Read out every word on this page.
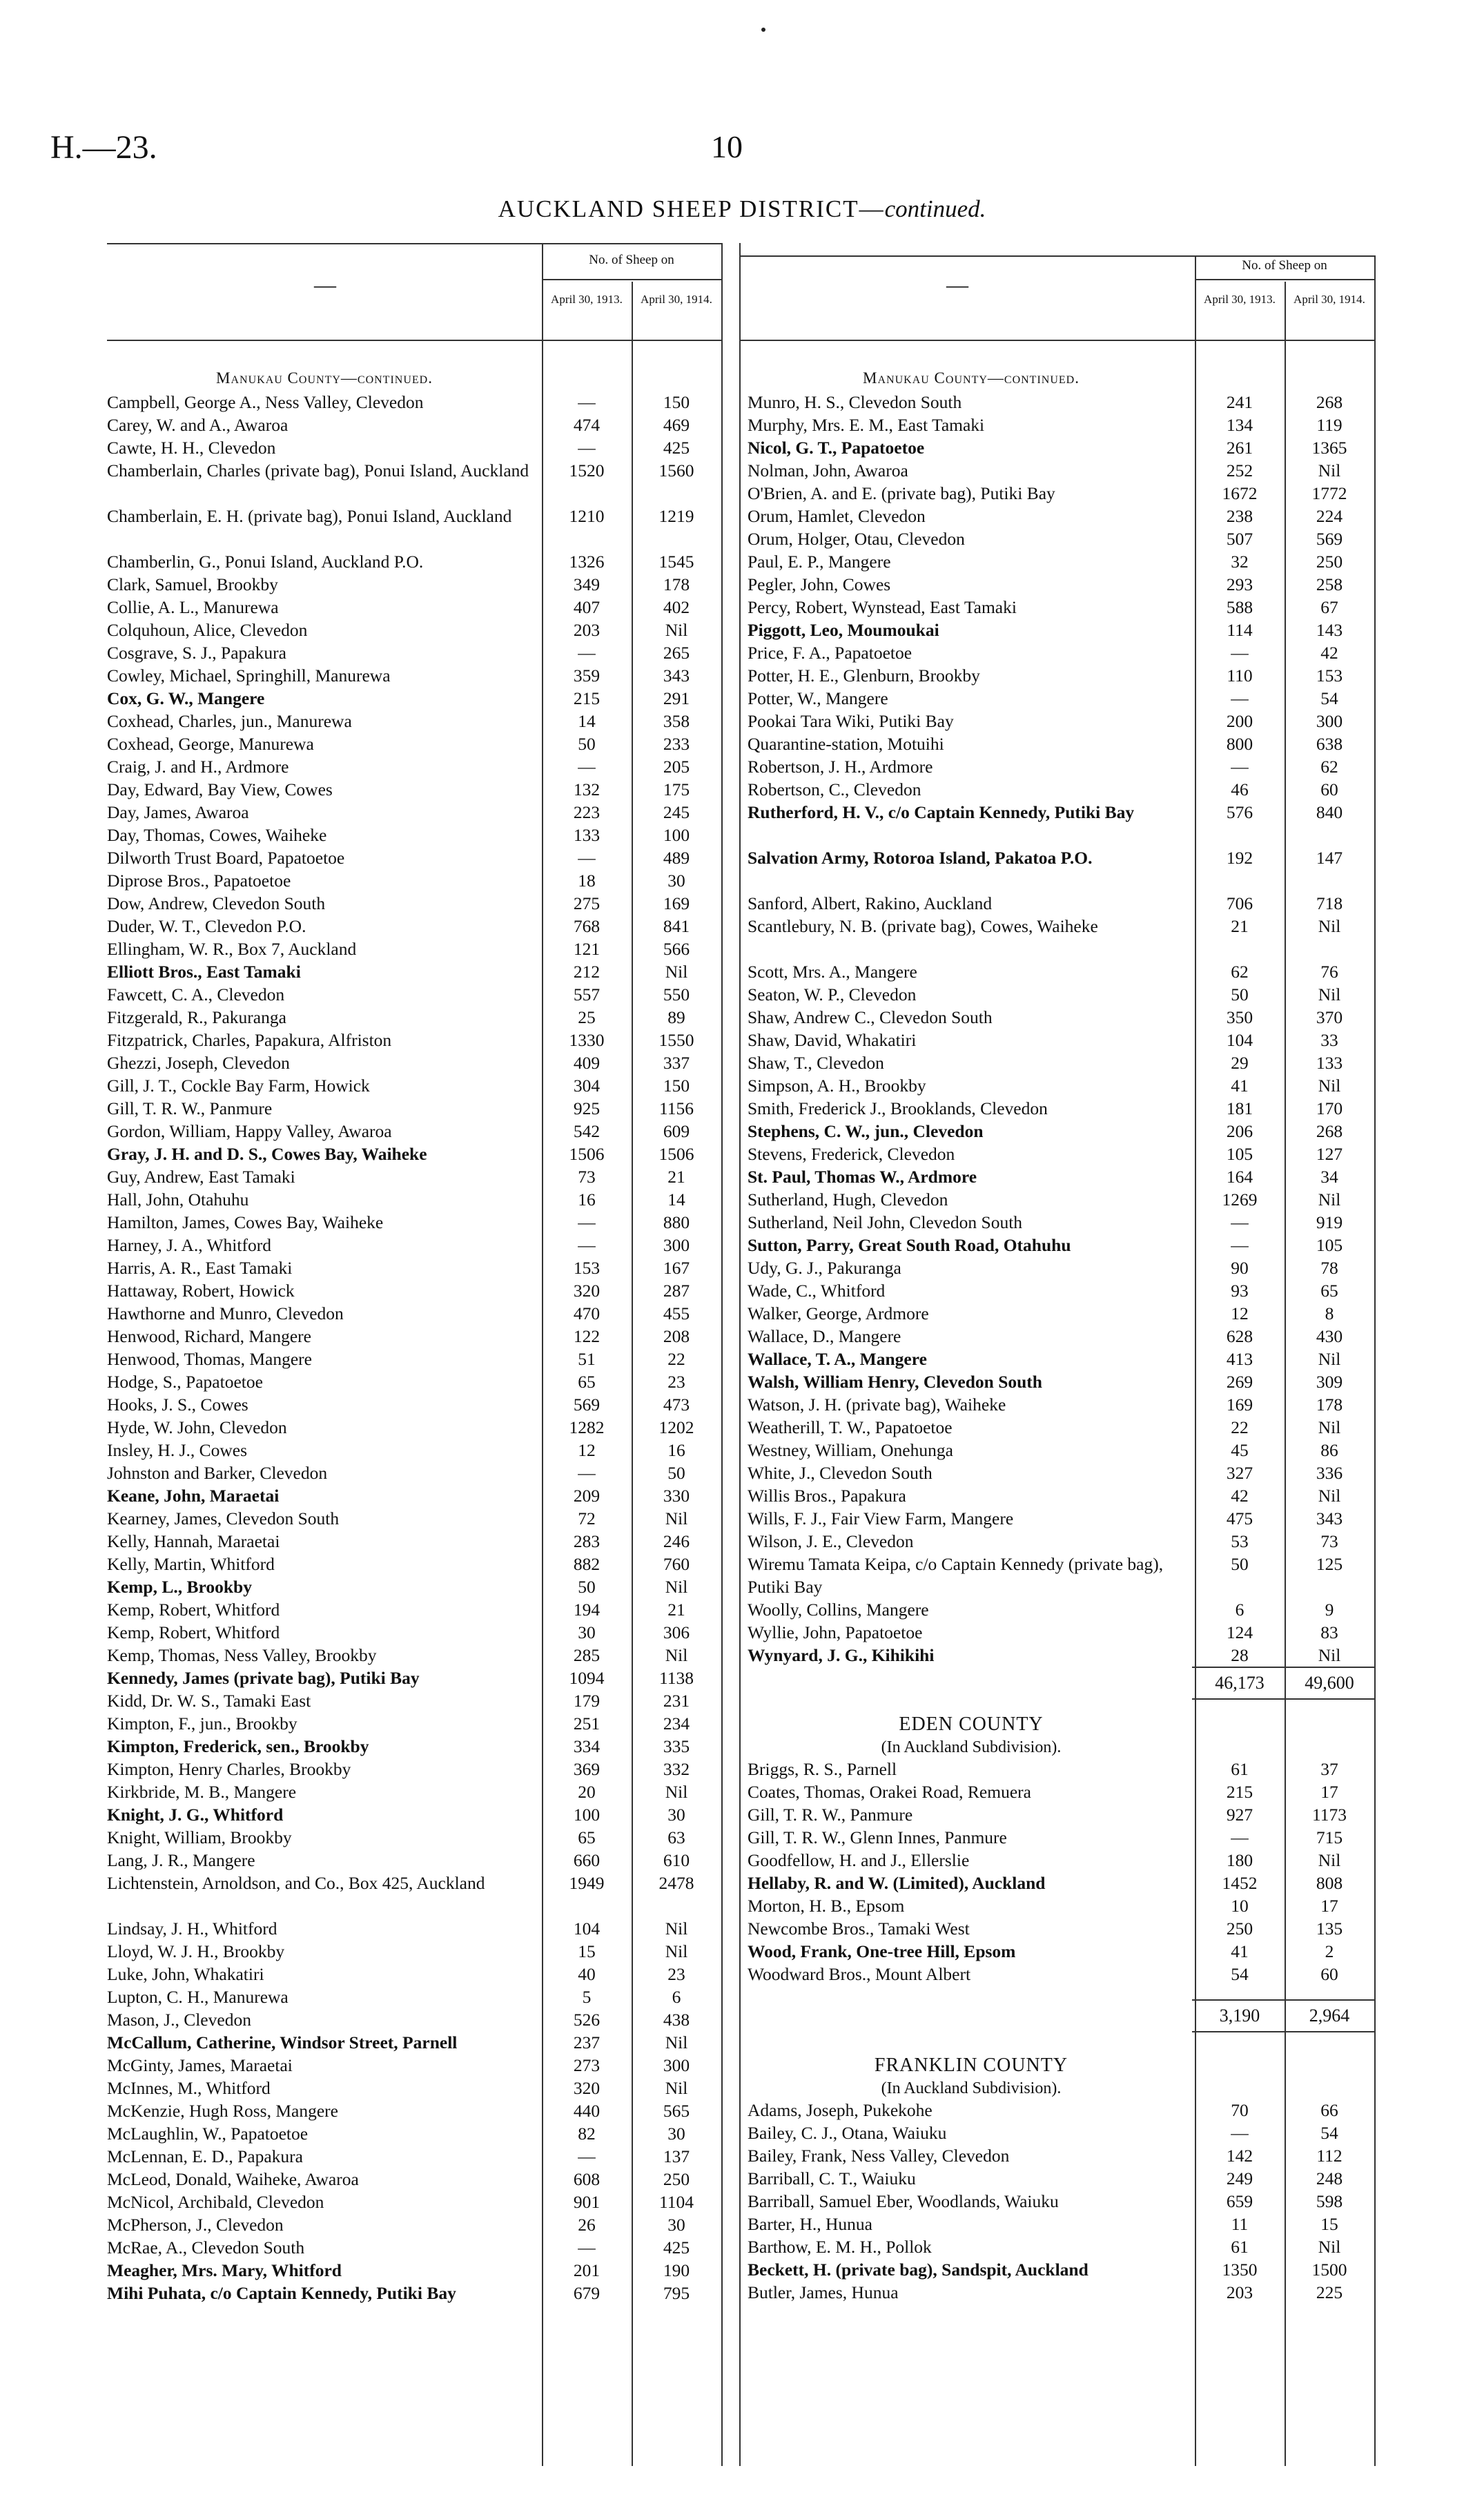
H.—23.	10
AUCKLAND SHEEP DISTRICT—continued.
—
No. of Sheep on
April 30, 1913.	April 30, 1914.
Manukau County—continued.
Campbell, George A., Ness Valley, Clevedon	—	150
Carey, W. and A., Awaroa	474	469
Cawte, H. H., Clevedon	—	425
Chamberlain, Charles (private bag), Ponui Island, Auckland	1520	1560
Chamberlain, E. H. (private bag), Ponui Island, Auckland	1210	1219
Chamberlin, G., Ponui Island, Auckland P.O.	1326	1545
Clark, Samuel, Brookby	349	178
Collie, A. L., Manurewa	407	402
Colquhoun, Alice, Clevedon	203	Nil
Cosgrave, S. J., Papakura	—	265
Cowley, Michael, Springhill, Manurewa	359	343
Cox, G. W., Mangere	215	291
Coxhead, Charles, jun., Manurewa	14	358
Coxhead, George, Manurewa	50	233
Craig, J. and H., Ardmore	—	205
Day, Edward, Bay View, Cowes	132	175
Day, James, Awaroa	223	245
Day, Thomas, Cowes, Waiheke	133	100
Dilworth Trust Board, Papatoetoe	—	489
Diprose Bros., Papatoetoe	18	30
Dow, Andrew, Clevedon South	275	169
Duder, W. T., Clevedon P.O.	768	841
Ellingham, W. R., Box 7, Auckland	121	566
Elliott Bros., East Tamaki	212	Nil
Fawcett, C. A., Clevedon	557	550
Fitzgerald, R., Pakuranga	25	89
Fitzpatrick, Charles, Papakura, Alfriston	1330	1550
Ghezzi, Joseph, Clevedon	409	337
Gill, J. T., Cockle Bay Farm, Howick	304	150
Gill, T. R. W., Panmure	925	1156
Gordon, William, Happy Valley, Awaroa	542	609
Gray, J. H. and D. S., Cowes Bay, Waiheke	1506	1506
Guy, Andrew, East Tamaki	73	21
Hall, John, Otahuhu	16	14
Hamilton, James, Cowes Bay, Waiheke	—	880
Harney, J. A., Whitford	—	300
Harris, A. R., East Tamaki	153	167
Hattaway, Robert, Howick	320	287
Hawthorne and Munro, Clevedon	470	455
Henwood, Richard, Mangere	122	208
Henwood, Thomas, Mangere	51	22
Hodge, S., Papatoetoe	65	23
Hooks, J. S., Cowes	569	473
Hyde, W. John, Clevedon	1282	1202
Insley, H. J., Cowes	12	16
Johnston and Barker, Clevedon	—	50
Keane, John, Maraetai	209	330
Kearney, James, Clevedon South	72	Nil
Kelly, Hannah, Maraetai	283	246
Kelly, Martin, Whitford	882	760
Kemp, L., Brookby	50	Nil
Kemp, Robert, Whitford	194	21
Kemp, Robert, Whitford	30	306
Kemp, Thomas, Ness Valley, Brookby	285	Nil
Kennedy, James (private bag), Putiki Bay	1094	1138
Kidd, Dr. W. S., Tamaki East	179	231
Kimpton, F., jun., Brookby	251	234
Kimpton, Frederick, sen., Brookby	334	335
Kimpton, Henry Charles, Brookby	369	332
Kirkbride, M. B., Mangere	20	Nil
Knight, J. G., Whitford	100	30
Knight, William, Brookby	65	63
Lang, J. R., Mangere	660	610
Lichtenstein, Arnoldson, and Co., Box 425, Auckland	1949	2478
Lindsay, J. H., Whitford	104	Nil
Lloyd, W. J. H., Brookby	15	Nil
Luke, John, Whakatiri	40	23
Lupton, C. H., Manurewa	5	6
Mason, J., Clevedon	526	438
McCallum, Catherine, Windsor Street, Parnell	237	Nil
McGinty, James, Maraetai	273	300
McInnes, M., Whitford	320	Nil
McKenzie, Hugh Ross, Mangere	440	565
McLaughlin, W., Papatoetoe	82	30
McLennan, E. D., Papakura	—	137
McLeod, Donald, Waiheke, Awaroa	608	250
McNicol, Archibald, Clevedon	901	1104
McPherson, J., Clevedon	26	30
McRae, A., Clevedon South	—	425
Meagher, Mrs. Mary, Whitford	201	190
Mihi Puhata, c/o Captain Kennedy, Putiki Bay	679	795
—
No. of Sheep on
April 30, 1913.	April 30, 1914.
Manukau County—continued.
Munro, H. S., Clevedon South	241	268
Murphy, Mrs. E. M., East Tamaki	134	119
Nicol, G. T., Papatoetoe	261	1365
Nolman, John, Awaroa	252	Nil
O'Brien, A. and E. (private bag), Putiki Bay	1672	1772
Orum, Hamlet, Clevedon	238	224
Orum, Holger, Otau, Clevedon	507	569
Paul, E. P., Mangere	32	250
Pegler, John, Cowes	293	258
Percy, Robert, Wynstead, East Tamaki	588	67
Piggott, Leo, Moumoukai	114	143
Price, F. A., Papatoetoe	—	42
Potter, H. E., Glenburn, Brookby	110	153
Potter, W., Mangere	—	54
Pookai Tara Wiki, Putiki Bay	200	300
Quarantine-station, Motuihi	800	638
Robertson, J. H., Ardmore	—	62
Robertson, C., Clevedon	46	60
Rutherford, H. V., c/o Captain Kennedy, Putiki Bay	576	840
Salvation Army, Rotoroa Island, Pakatoa P.O.	192	147
Sanford, Albert, Rakino, Auckland	706	718
Scantlebury, N. B. (private bag), Cowes, Waiheke	21	Nil
Scott, Mrs. A., Mangere	62	76
Seaton, W. P., Clevedon	50	Nil
Shaw, Andrew C., Clevedon South	350	370
Shaw, David, Whakatiri	104	33
Shaw, T., Clevedon	29	133
Simpson, A. H., Brookby	41	Nil
Smith, Frederick J., Brooklands, Clevedon	181	170
Stephens, C. W., jun., Clevedon	206	268
Stevens, Frederick, Clevedon	105	127
St. Paul, Thomas W., Ardmore	164	34
Sutherland, Hugh, Clevedon	1269	Nil
Sutherland, Neil John, Clevedon South	—	919
Sutton, Parry, Great South Road, Otahuhu	—	105
Udy, G. J., Pakuranga	90	78
Wade, C., Whitford	93	65
Walker, George, Ardmore	12	8
Wallace, D., Mangere	628	430
Wallace, T. A., Mangere	413	Nil
Walsh, William Henry, Clevedon South	269	309
Watson, J. H. (private bag), Waiheke	169	178
Weatherill, T. W., Papatoetoe	22	Nil
Westney, William, Onehunga	45	86
White, J., Clevedon South	327	336
Willis Bros., Papakura	42	Nil
Wills, F. J., Fair View Farm, Mangere	475	343
Wilson, J. E., Clevedon	53	73
Wiremu Tamata Keipa, c/o Captain Kennedy (private bag), Putiki Bay
50	125
Woolly, Collins, Mangere	6	9
Wyllie, John, Papatoetoe	124	83
Wynyard, J. G., Kihikihi	28	Nil
46,173	49,600
EDEN COUNTY
(In Auckland Subdivision).
Briggs, R. S., Parnell	61	37
Coates, Thomas, Orakei Road, Remuera	215	17
Gill, T. R. W., Panmure	927	1173
Gill, T. R. W., Glenn Innes, Panmure	—	715
Goodfellow, H. and J., Ellerslie	180	Nil
Hellaby, R. and W. (Limited), Auckland	1452	808
Morton, H. B., Epsom	10	17
Newcombe Bros., Tamaki West	250	135
Wood, Frank, One-tree Hill, Epsom	41	2
Woodward Bros., Mount Albert	54	60
3,190	2,964
FRANKLIN COUNTY
(In Auckland Subdivision).
Adams, Joseph, Pukekohe	70	66
Bailey, C. J., Otana, Waiuku	—	54
Bailey, Frank, Ness Valley, Clevedon	142	112
Barriball, C. T., Waiuku	249	248
Barriball, Samuel Eber, Woodlands, Waiuku	659	598
Barter, H., Hunua	11	15
Barthow, E. M. H., Pollok	61	Nil
Beckett, H. (private bag), Sandspit, Auckland	1350	1500
Butler, James, Hunua	203	225
